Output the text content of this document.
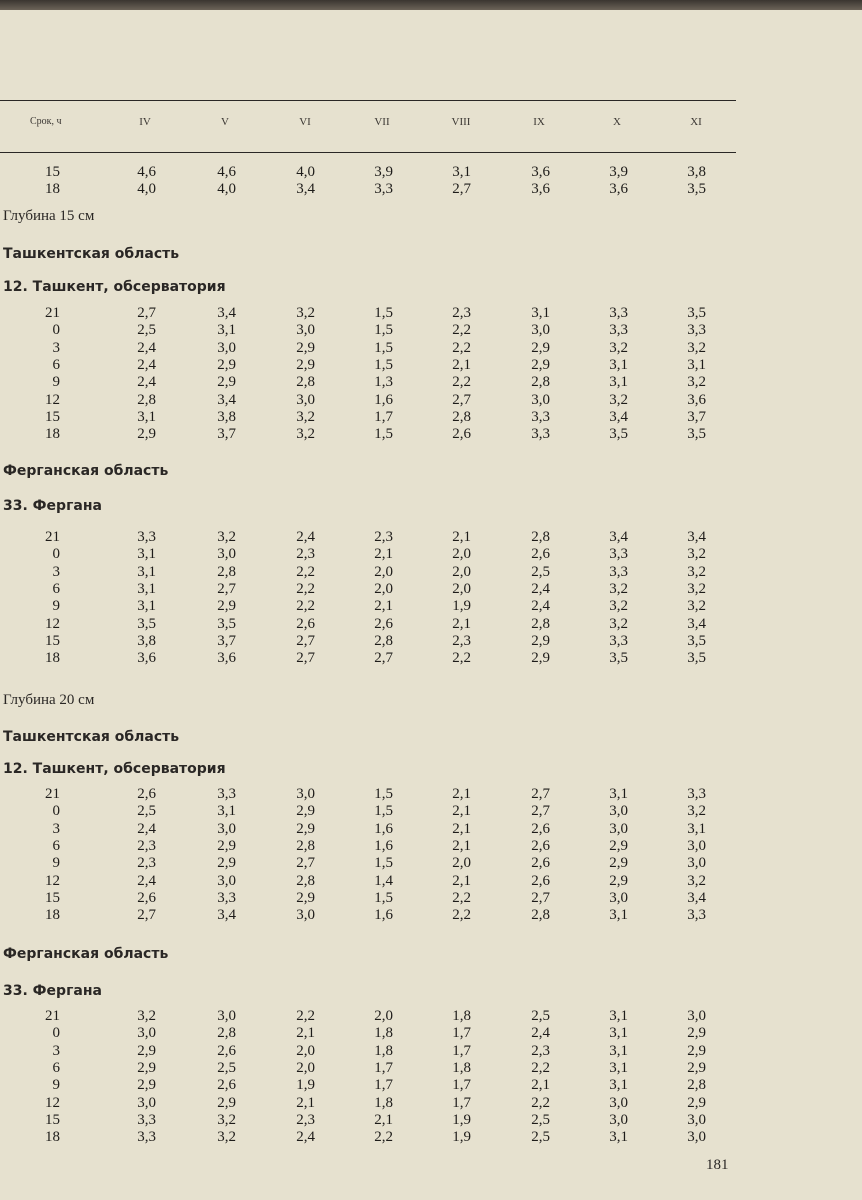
Срок, ч	IV	V	VI	VII	VIII	IX	X	XI
15	4,6	4,6	4,0	3,9	3,1	3,6	3,9	3,8
18	4,0	4,0	3,4	3,3	2,7	3,6	3,6	3,5
Глубина 15 см
Ташкентская область
12. Ташкент, обсерватория
21	2,7	3,4	3,2	1,5	2,3	3,1	3,3	3,5
0	2,5	3,1	3,0	1,5	2,2	3,0	3,3	3,3
3	2,4	3,0	2,9	1,5	2,2	2,9	3,2	3,2
6	2,4	2,9	2,9	1,5	2,1	2,9	3,1	3,1
9	2,4	2,9	2,8	1,3	2,2	2,8	3,1	3,2
12	2,8	3,4	3,0	1,6	2,7	3,0	3,2	3,6
15	3,1	3,8	3,2	1,7	2,8	3,3	3,4	3,7
18	2,9	3,7	3,2	1,5	2,6	3,3	3,5	3,5
Ферганская область
33. Фергана
21	3,3	3,2	2,4	2,3	2,1	2,8	3,4	3,4
0	3,1	3,0	2,3	2,1	2,0	2,6	3,3	3,2
3	3,1	2,8	2,2	2,0	2,0	2,5	3,3	3,2
6	3,1	2,7	2,2	2,0	2,0	2,4	3,2	3,2
9	3,1	2,9	2,2	2,1	1,9	2,4	3,2	3,2
12	3,5	3,5	2,6	2,6	2,1	2,8	3,2	3,4
15	3,8	3,7	2,7	2,8	2,3	2,9	3,3	3,5
18	3,6	3,6	2,7	2,7	2,2	2,9	3,5	3,5
Глубина 20 см
Ташкентская область
12. Ташкент, обсерватория
21	2,6	3,3	3,0	1,5	2,1	2,7	3,1	3,3
0	2,5	3,1	2,9	1,5	2,1	2,7	3,0	3,2
3	2,4	3,0	2,9	1,6	2,1	2,6	3,0	3,1
6	2,3	2,9	2,8	1,6	2,1	2,6	2,9	3,0
9	2,3	2,9	2,7	1,5	2,0	2,6	2,9	3,0
12	2,4	3,0	2,8	1,4	2,1	2,6	2,9	3,2
15	2,6	3,3	2,9	1,5	2,2	2,7	3,0	3,4
18	2,7	3,4	3,0	1,6	2,2	2,8	3,1	3,3
Ферганская область
33. Фергана
21	3,2	3,0	2,2	2,0	1,8	2,5	3,1	3,0
0	3,0	2,8	2,1	1,8	1,7	2,4	3,1	2,9
3	2,9	2,6	2,0	1,8	1,7	2,3	3,1	2,9
6	2,9	2,5	2,0	1,7	1,8	2,2	3,1	2,9
9	2,9	2,6	1,9	1,7	1,7	2,1	3,1	2,8
12	3,0	2,9	2,1	1,8	1,7	2,2	3,0	2,9
15	3,3	3,2	2,3	2,1	1,9	2,5	3,0	3,0
18	3,3	3,2	2,4	2,2	1,9	2,5	3,1	3,0
181
